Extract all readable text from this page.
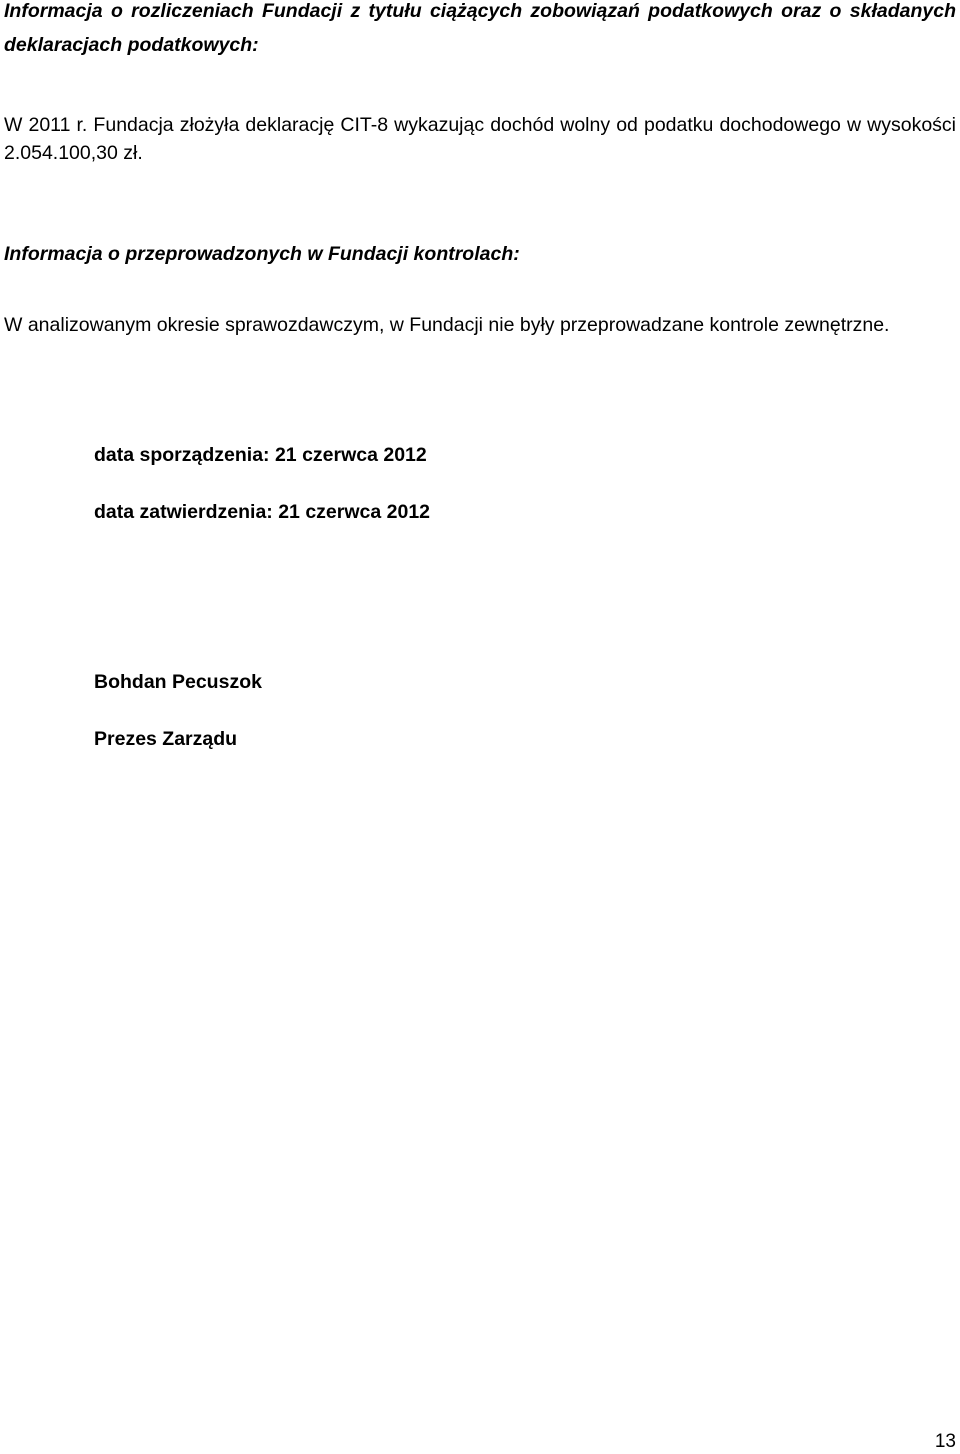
Informacja o rozliczeniach Fundacji z tytułu ciążących zobowiązań podatkowych oraz o składanych deklaracjach podatkowych:

W 2011 r. Fundacja złożyła deklarację CIT-8 wykazując dochód wolny od podatku dochodowego w wysokości 2.054.100,30 zł.

Informacja o przeprowadzonych w Fundacji kontrolach:

W analizowanym okresie sprawozdawczym, w Fundacji nie były przeprowadzane kontrole zewnętrzne.

data sporządzenia: 21 czerwca 2012

data zatwierdzenia: 21 czerwca 2012

Bohdan Pecuszok

Prezes Zarządu

13
